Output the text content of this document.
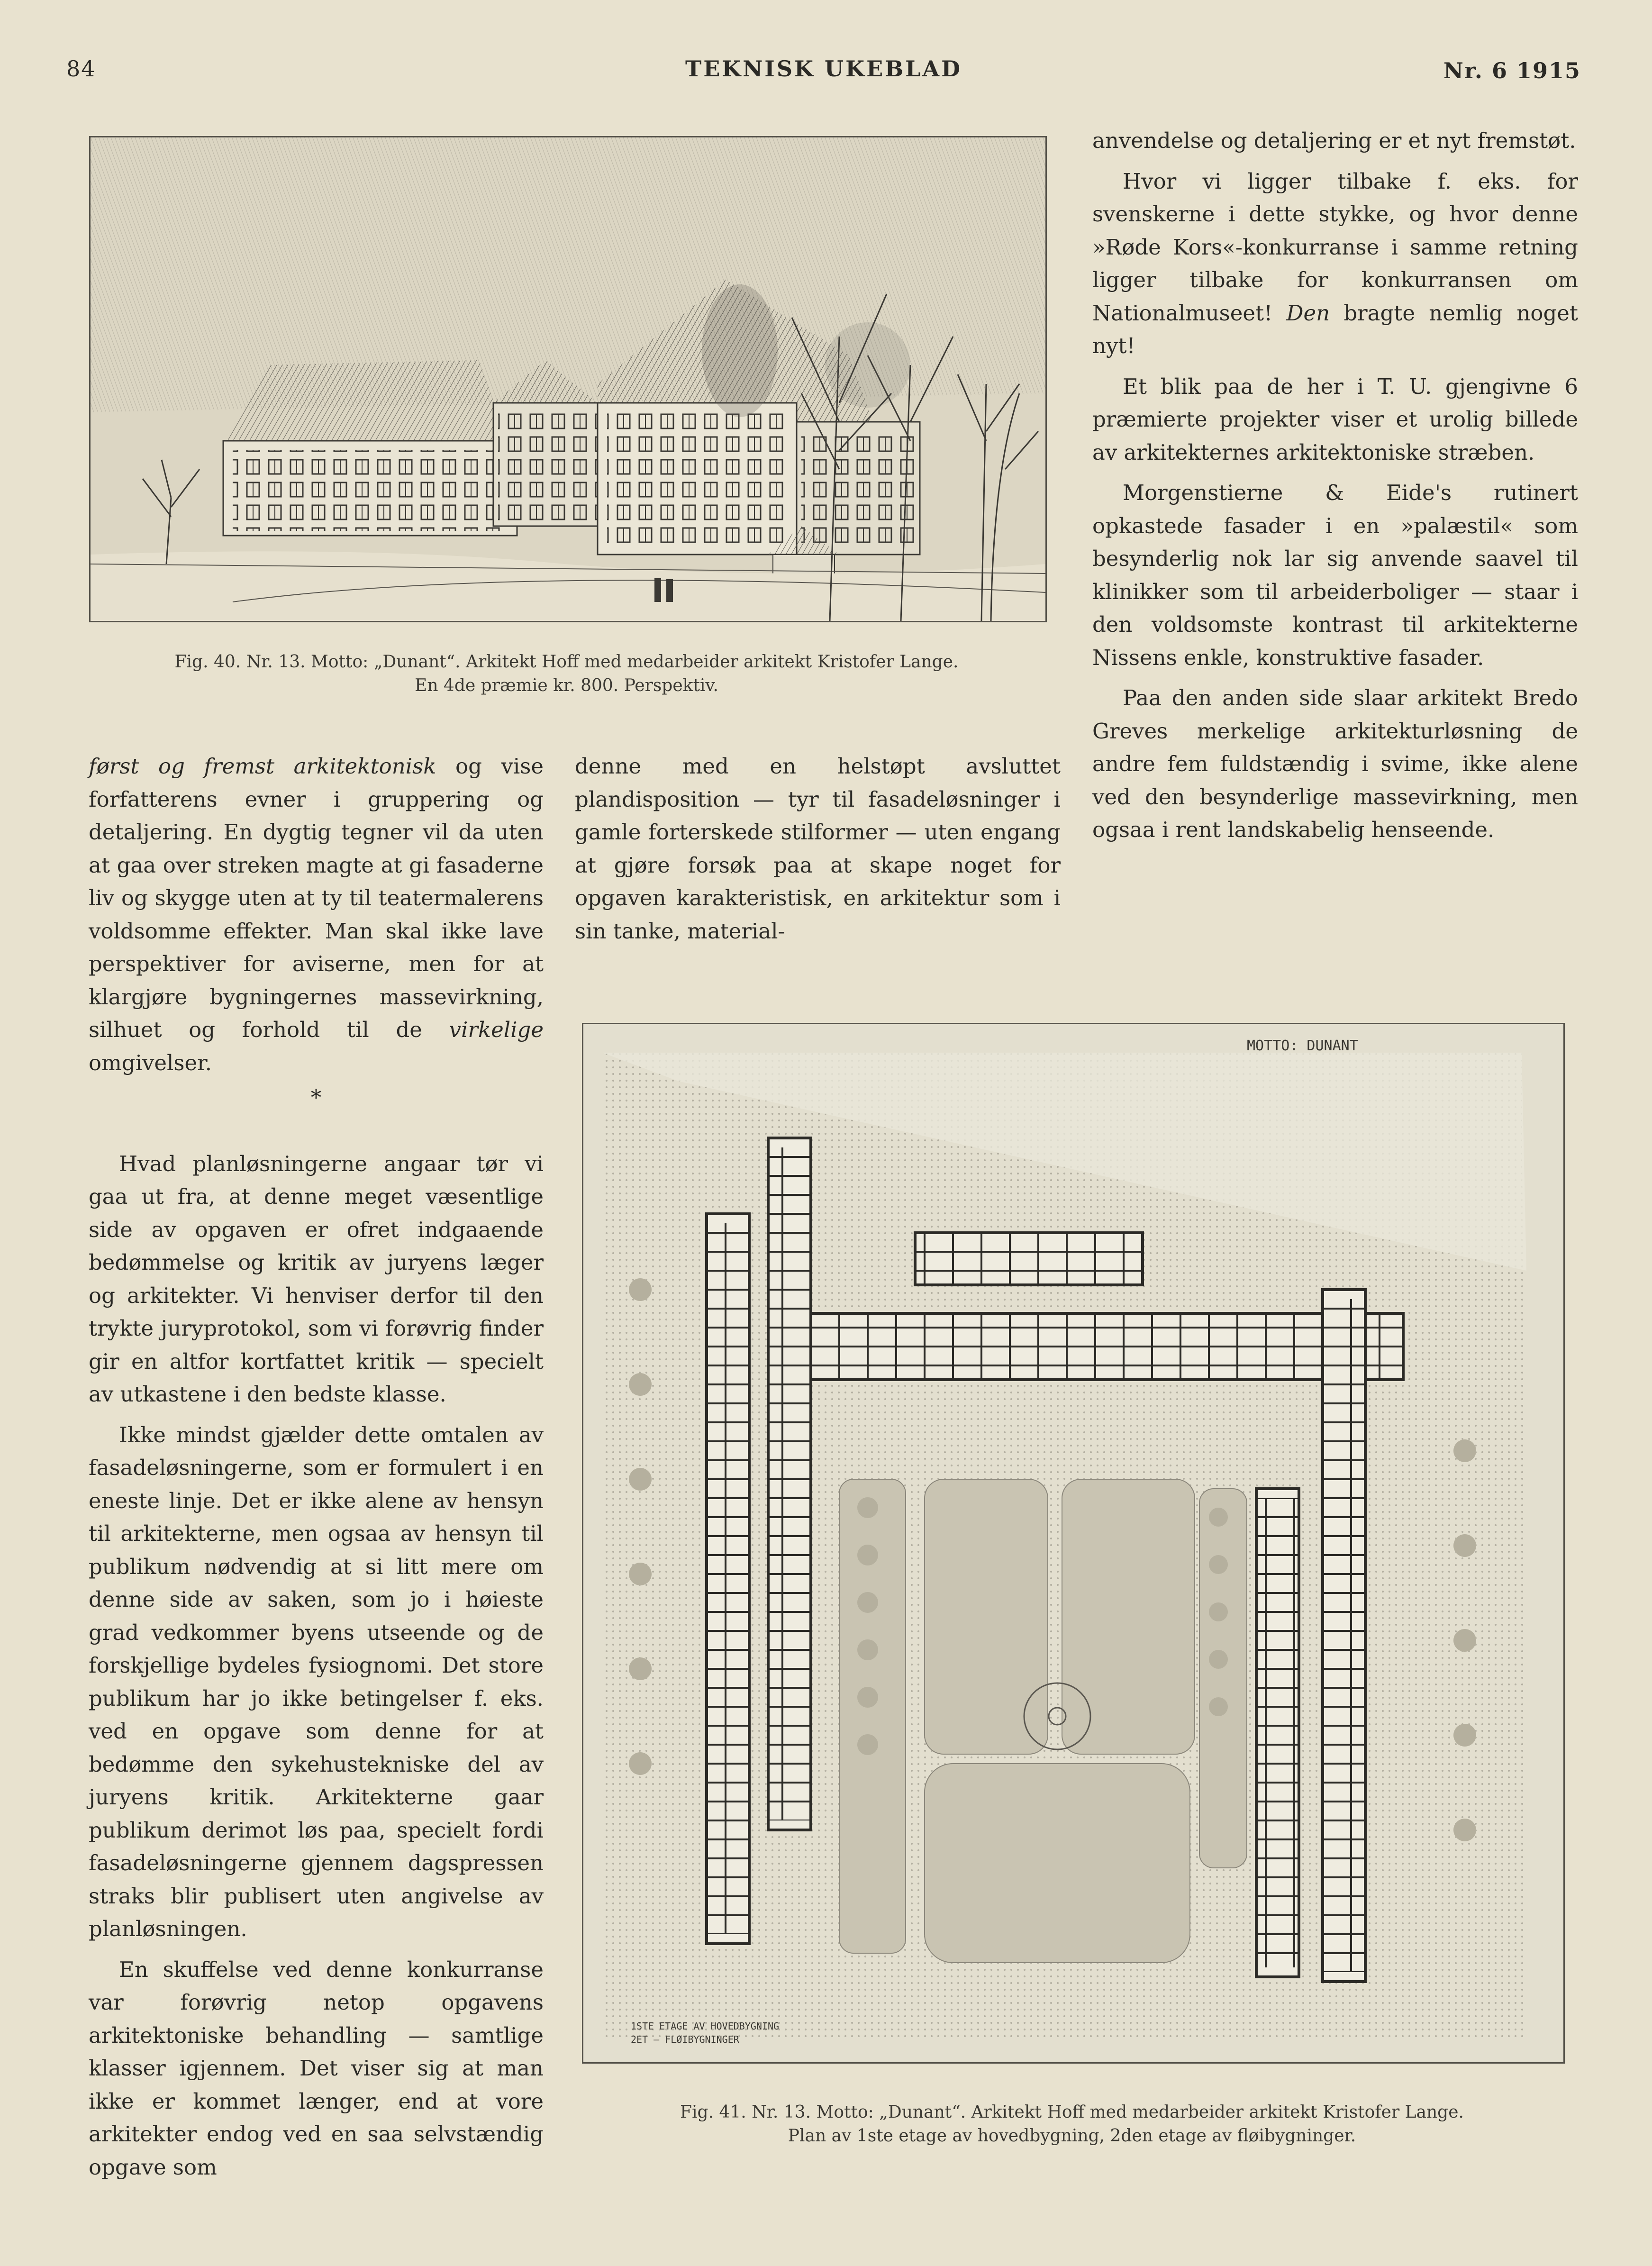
84	TEKNISK UKEBLAD	Nr. 6 1915
Fig. 40. Nr. 13. Motto: „Dunant“. Arkitekt Hoff med medarbeider arkitekt Kristofer Lange.
En 4de præmie kr. 800. Perspektiv.

først og fremst arkitektonisk og vise forfatterens evner i gruppering og detaljering. En dygtig tegner vil da uten at gaa over streken magte at gi fasaderne liv og skygge uten at ty til teatermalerens voldsomme effekter. Man skal ikke lave perspektiver for aviserne, men for at klargjøre bygningernes massevirkning, silhuet og forhold til de virkelige omgivelser.

*

Hvad planløsningerne angaar tør vi gaa ut fra, at denne meget væsentlige side av opgaven er ofret indgaaende bedømmelse og kritik av juryens læger og arkitekter. Vi henviser derfor til den trykte juryprotokol, som vi forøvrig finder gir en altfor kortfattet kritik — specielt av utkastene i den bedste klasse.

Ikke mindst gjælder dette omtalen av fasadeløsningerne, som er formulert i en eneste linje. Det er ikke alene av hensyn til arkitekterne, men ogsaa av hensyn til publikum nødvendig at si litt mere om denne side av saken, som jo i høieste grad vedkommer byens utseende og de forskjellige bydeles fysiognomi. Det store publikum har jo ikke betingelser f. eks. ved en opgave som denne for at bedømme den sykehustekniske del av juryens kritik. Arkitekterne gaar publikum derimot løs paa, specielt fordi fasadeløsningerne gjennem dagspressen straks blir publisert uten angivelse av planløsningen.

En skuffelse ved denne konkurranse var forøvrig netop opgavens arkitektoniske behandling — samtlige klasser igjennem. Det viser sig at man ikke er kommet længer, end at vore arkitekter endog ved en saa selvstændig opgave som

denne med en helstøpt avsluttet plandisposition — tyr til fasadeløsninger i gamle forterskede stilformer — uten engang at gjøre forsøk paa at skape noget for opgaven karakteristisk, en arkitektur som i sin tanke, material-

anvendelse og detaljering er et nyt fremstøt.

Hvor vi ligger tilbake f. eks. for svenskerne i dette stykke, og hvor denne »Røde Kors«-konkurranse i samme retning ligger tilbake for konkurransen om Nationalmuseet! Den bragte nemlig noget nyt!

Et blik paa de her i T. U. gjengivne 6 præmierte projekter viser et urolig billede av arkitekternes arkitektoniske stræben.

Morgenstierne & Eide's rutinert opkastede fasader i en »palæstil« som besynderlig nok lar sig anvende saavel til klinikker som til arbeiderboliger — staar i den voldsomste kontrast til arkitekterne Nissens enkle, konstruktive fasader.

Paa den anden side slaar arkitekt Bredo Greves merkelige arkitekturløsning de andre fem fuldstændig i svime, ikke alene ved den besynderlige massevirkning, men ogsaa i rent landskabelig henseende.

MOTTO: DUNANT
1STE ETAGE AV HOVEDBYGNING
2ET — FLØIBYGNINGER
Fig. 41. Nr. 13. Motto: „Dunant“. Arkitekt Hoff med medarbeider arkitekt Kristofer Lange.
Plan av 1ste etage av hovedbygning, 2den etage av fløibygninger.
